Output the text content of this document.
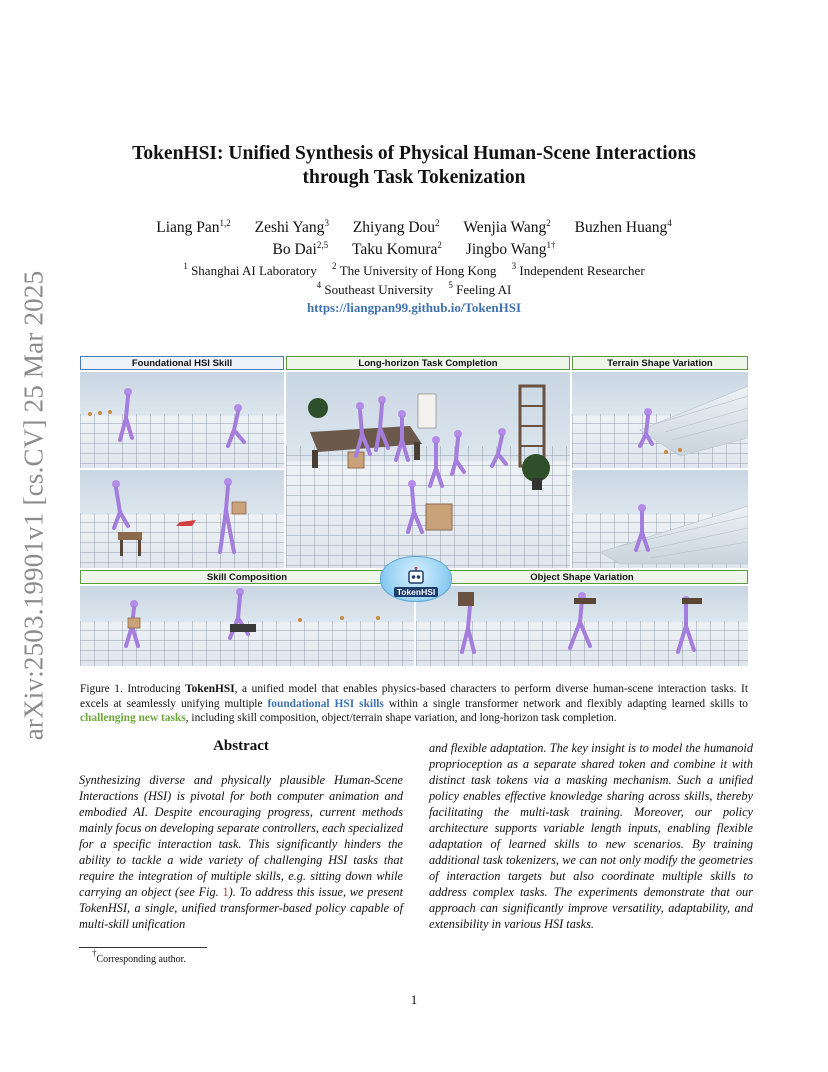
arXiv:2503.19901v1 [cs.CV] 25 Mar 2025
TokenHSI: Unified Synthesis of Physical Human-Scene Interactions
through Task Tokenization
Liang Pan$^{1,2}$ Zeshi Yang$^3$ Zhiyang Dou$^2$ Wenjia Wang$^2$ Buzhen Huang$^4$
Bo Dai$^{2,5}$ Taku Komura$^2$ Jingbo Wang$^{1\dagger}$
$^1$ Shanghai AI Laboratory $^2$ The University of Hong Kong $^3$ Independent Researcher
$^4$ Southeast University $^5$ Feeling AI
https://liangpan99.github.io/TokenHSI
Foundational HSI Skill	Long-horizon Task Completion	Terrain Shape Variation
Skill Composition	Object Shape Variation
TokenHSI
Figure 1. Introducing TokenHSI, a unified model that enables physics-based characters to perform diverse human-scene interaction tasks. It excels at seamlessly unifying multiple foundational HSI skills within a single transformer network and flexibly adapting learned skills to challenging new tasks, including skill composition, object/terrain shape variation, and long-horizon task completion.
Abstract
Synthesizing diverse and physically plausible Human-Scene Interactions (HSI) is pivotal for both computer animation and embodied AI. Despite encouraging progress, current methods mainly focus on developing separate controllers, each specialized for a specific interaction task. This significantly hinders the ability to tackle a wide variety of challenging HSI tasks that require the integration of multiple skills, e.g. sitting down while carrying an object (see Fig. 1). To address this issue, we present TokenHSI, a single, unified transformer-based policy capable of multi-skill unification
and flexible adaptation. The key insight is to model the humanoid proprioception as a separate shared token and combine it with distinct task tokens via a masking mechanism. Such a unified policy enables effective knowledge sharing across skills, thereby facilitating the multi-task training. Moreover, our policy architecture supports variable length inputs, enabling flexible adaptation of learned skills to new scenarios. By training additional task tokenizers, we can not only modify the geometries of interaction targets but also coordinate multiple skills to address complex tasks. The experiments demonstrate that our approach can significantly improve versatility, adaptability, and extensibility in various HSI tasks.
†Corresponding author.
1
